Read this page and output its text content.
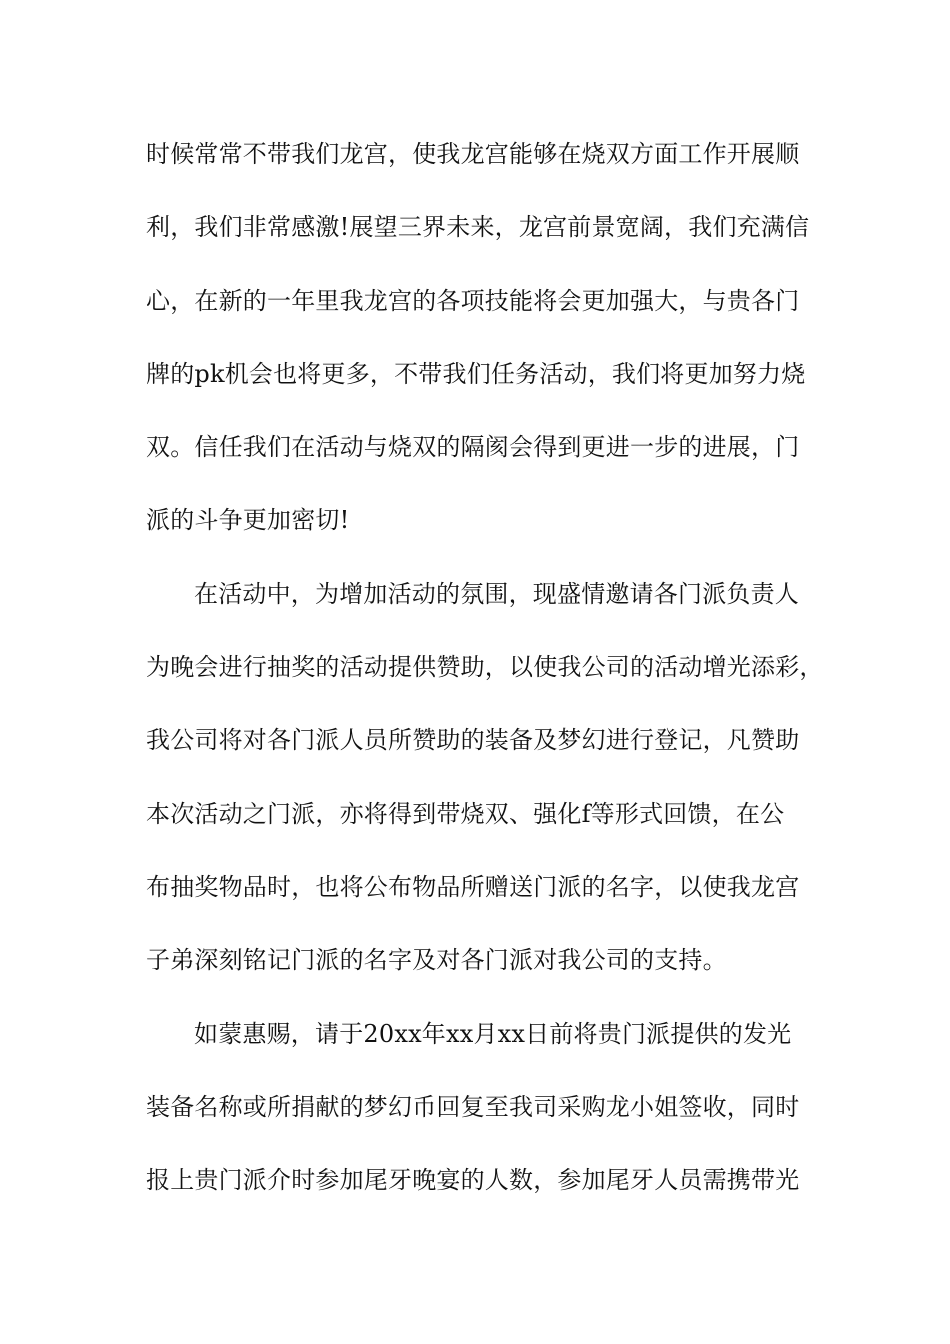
时候常常不带我们龙宫，使我龙宫能够在烧双方面工作开展顺
利，我们非常感激!展望三界未来，龙宫前景宽阔，我们充满信
心，在新的一年里我龙宫的各项技能将会更加强大，与贵各门
牌的pk机会也将更多，不带我们任务活动，我们将更加努力烧
双。信任我们在活动与烧双的隔阂会得到更进一步的进展，门
派的斗争更加密切!
在活动中，为增加活动的氛围，现盛情邀请各门派负责人
为晚会进行抽奖的活动提供赞助，以使我公司的活动增光添彩，
我公司将对各门派人员所赞助的装备及梦幻进行登记，凡赞助
本次活动之门派，亦将得到带烧双、强化f等形式回馈，在公
布抽奖物品时，也将公布物品所赠送门派的名字，以使我龙宫
子弟深刻铭记门派的名字及对各门派对我公司的支持。
如蒙惠赐，请于20xx年xx月xx日前将贵门派提供的发光
装备名称或所捐献的梦幻币回复至我司采购龙小姐签收，同时
报上贵门派介时参加尾牙晚宴的人数，参加尾牙人员需携带光
